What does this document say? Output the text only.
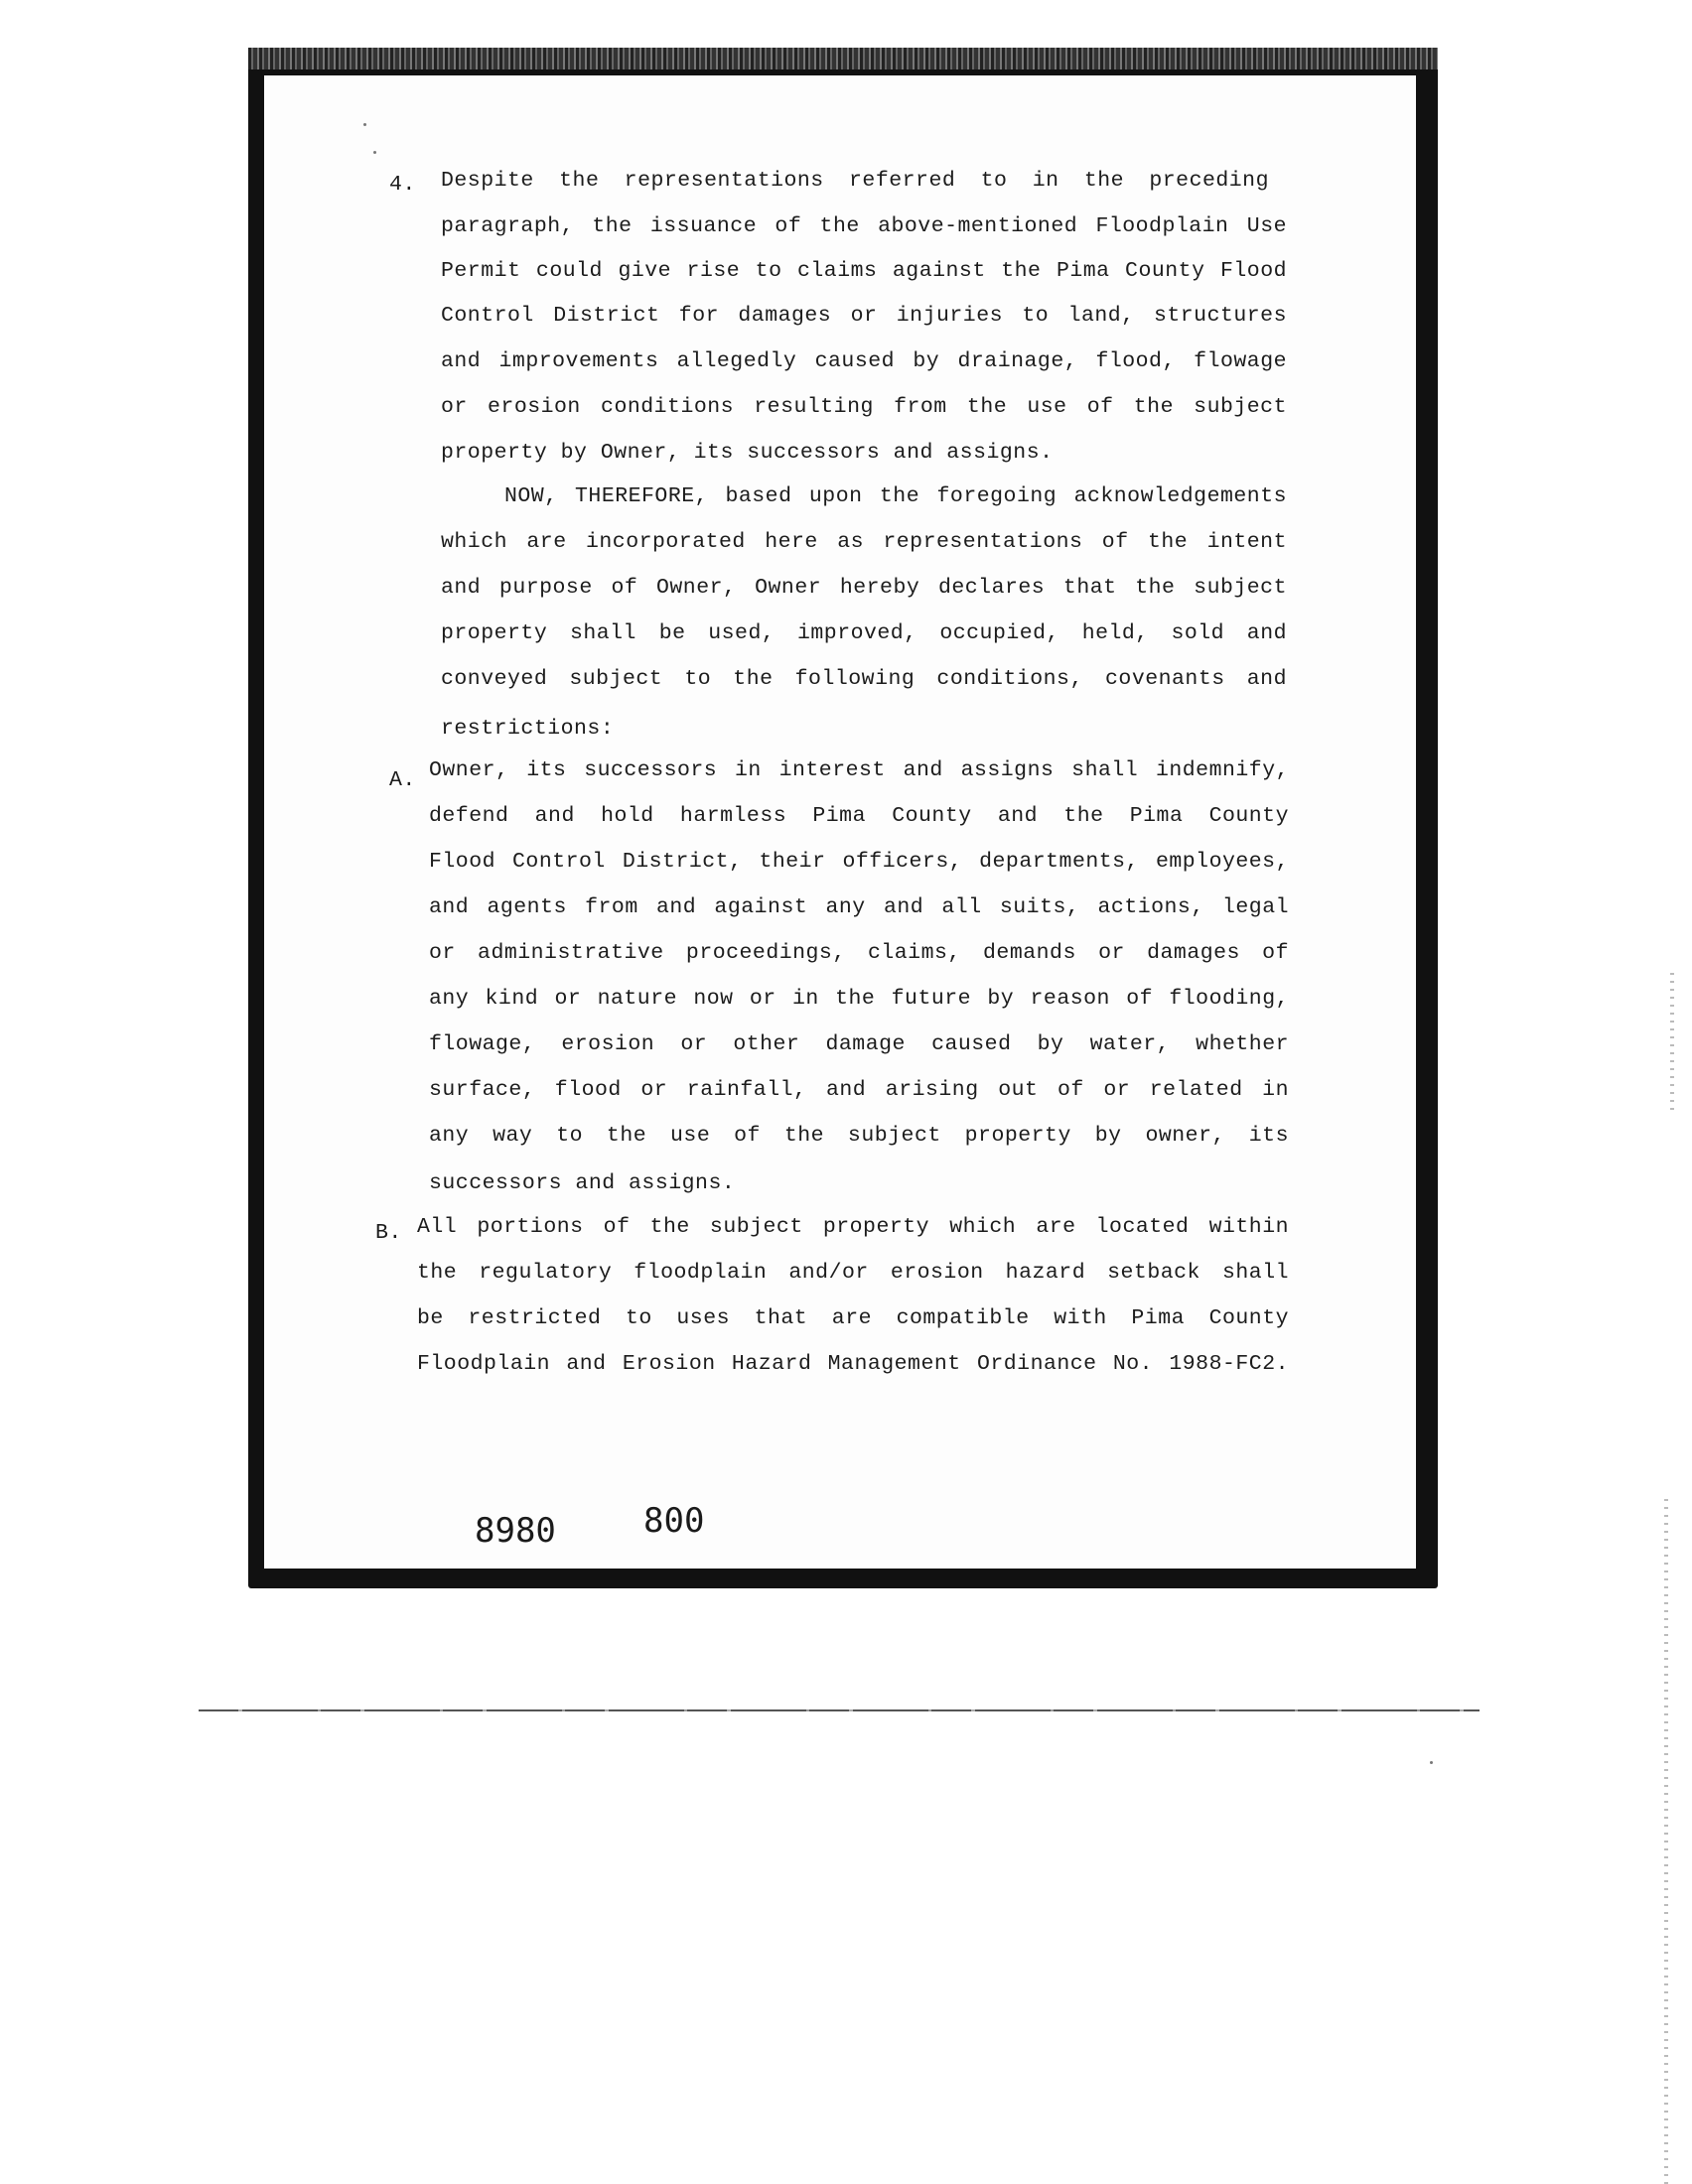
4. Despite the representations referred to in the preceding
paragraph, the issuance of the above-mentioned Floodplain Use
Permit could give rise to claims against the Pima County Flood
Control District for damages or injuries to land, structures
and improvements allegedly caused by drainage, flood, flowage
or erosion conditions resulting from the use of the subject
property by Owner, its successors and assigns.
NOW, THEREFORE, based upon the foregoing acknowledgements
which are incorporated here as representations of the intent
and purpose of Owner, Owner hereby declares that the subject
property shall be used, improved, occupied, held, sold and
conveyed subject to the following conditions, covenants and
restrictions:
A. Owner, its successors in interest and assigns shall indemnify,
defend and hold harmless Pima County and the Pima County
Flood Control District, their officers, departments, employees,
and agents from and against any and all suits, actions, legal
or administrative proceedings, claims, demands or damages of
any kind or nature now or in the future by reason of flooding,
flowage, erosion or other damage caused by water, whether
surface, flood or rainfall, and arising out of or related in
any way to the use of the subject property by owner, its
successors and assigns.
B. All portions of the subject property which are located within
the regulatory floodplain and/or erosion hazard setback shall
be restricted to uses that are compatible with Pima County
Floodplain and Erosion Hazard Management Ordinance No. 1988-FC2.
8980	800
